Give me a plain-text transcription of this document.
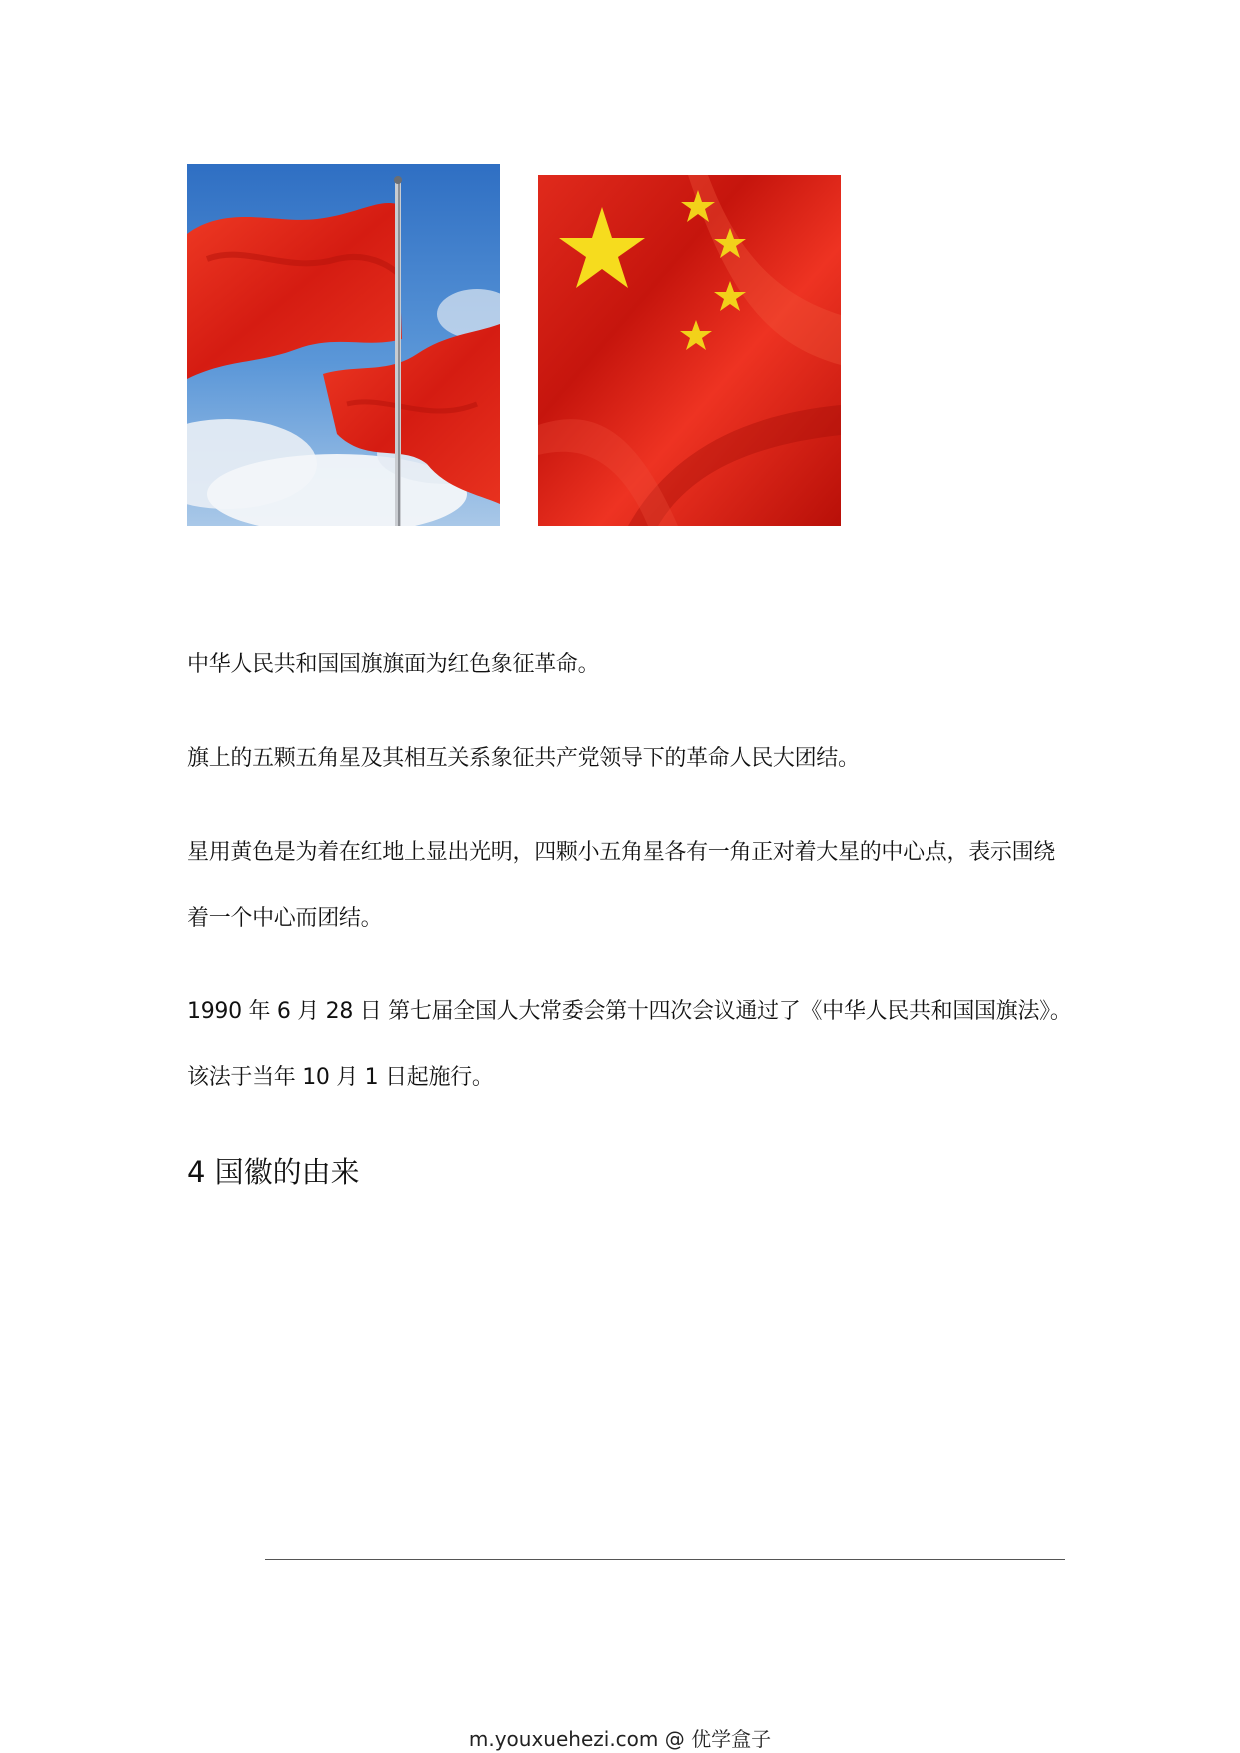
中华人民共和国国旗旗面为红色象征革命。

旗上的五颗五角星及其相互关系象征共产党领导下的革命人民大团结。

星用黄色是为着在红地上显出光明，四颗小五角星各有一角正对着大星的中心点，表示围绕

着一个中心而团结。

1990 年 6 月 28 日 第七届全国人大常委会第十四次会议通过了《中华人民共和国国旗法》。

该法于当年 10 月 1 日起施行。

4 国徽的由来
m.youxuehezi.com @ 优学盒子
